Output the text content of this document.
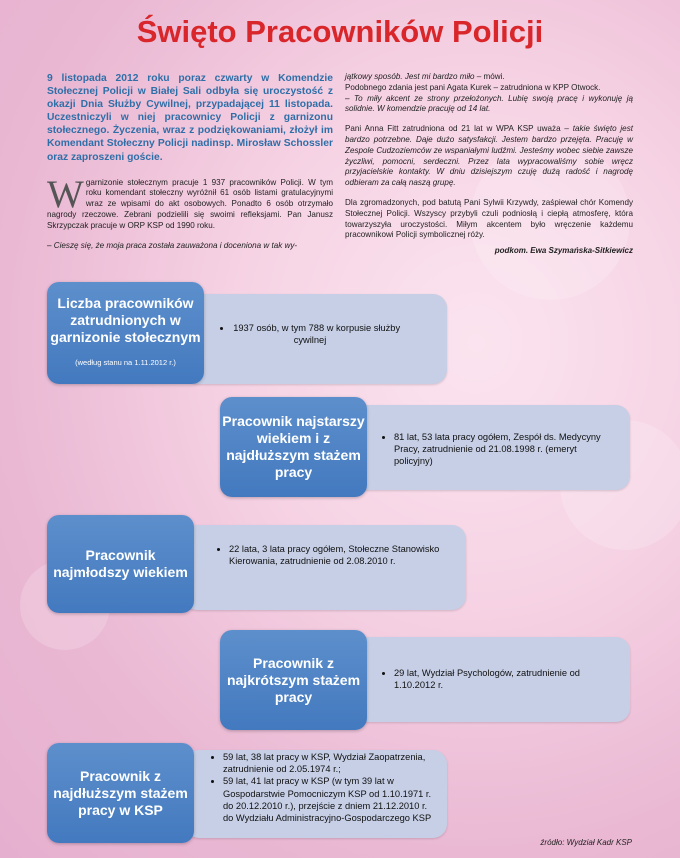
Święto Pracowników Policji

9 listopada 2012 roku poraz czwarty w Komendzie Stołecznej Policji w Białej Sali odbyła się uroczystość z okazji Dnia Służby Cywilnej, przypadającej 11 listopada. Uczestniczyli w niej pracownicy Policji z garnizonu stołecznego. Życzenia, wraz z podziękowaniami, złożył im Komendant Stołeczny Policji nadinsp. Mirosław Schossler oraz zaproszeni goście.

W garnizonie stołecznym pracuje 1 937 pracowników Policji. W tym roku komendant stołeczny wyróżnił 61 osób listami gratulacyjnymi wraz ze wpisami do akt osobowych. Ponadto 6 osób otrzymało nagrody rzeczowe. Zebrani podzielili się swoimi refleksjami. Pan Janusz Skrzypczak pracuje w ORP KSP od 1990 roku.

– Cieszę się, że moja praca została zauważona i doceniona w tak wy-

jątkowy sposób. Jest mi bardzo miło – mówi.

Podobnego zdania jest pani Agata Kurek – zatrudniona w KPP Otwock.

– To miły akcent ze strony przełożonych. Lubię swoją pracę i wykonuję ją solidnie. W komendzie pracuję od 14 lat.

Pani Anna Fitt zatrudniona od 21 lat w WPA KSP uważa – takie święto jest bardzo potrzebne. Daje dużo satysfakcji. Jestem bardzo przejęta. Pracuję w Zespole Cudzoziemców ze wspaniałymi ludźmi. Jesteśmy wobec siebie zawsze życzliwi, pomocni, serdeczni. Przez lata wypracowaliśmy sobie wręcz przyjacielskie kontakty. W dniu dzisiejszym czuję dużą radość i nagrodę odbieram za całą naszą grupę.

Dla zgromadzonych, pod batutą Pani Sylwii Krzywdy, zaśpiewał chór Komendy Stołecznej Policji. Wszyscy przybyli czuli podniosłą i ciepłą atmosferę, która towarzyszyła uroczystości. Miłym akcentem było wręczenie każdemu pracownikowi Policji symbolicznej róży.

podkom. Ewa Szymańska-Sitkiewicz
• 1937 osób, w tym 788 w korpusie służby cywilnej
Liczba pracowników zatrudnionych w garnizonie stołecznym
(według stanu na 1.11.2012 r.)
• 81 lat, 53 lata pracy ogółem, Zespół ds. Medycyny Pracy, zatrudnienie od 21.08.1998 r. (emeryt policyjny)
Pracownik najstarszy wiekiem i z najdłuższym stażem pracy
• 22 lata, 3 lata pracy ogółem, Stołeczne Stanowisko Kierowania, zatrudnienie od 2.08.2010 r.
Pracownik najmłodszy wiekiem
• 29 lat, Wydział Psychologów, zatrudnienie od 1.10.2012 r.
Pracownik z najkrótszym stażem pracy
• 59 lat, 38 lat pracy w KSP, Wydział Zaopatrzenia, zatrudnienie od 2.05.1974 r.;
• 59 lat, 41 lat pracy w KSP (w tym 39 lat w Gospodarstwie Pomocniczym KSP od 1.10.1971 r. do 20.12.2010 r.), przejście z dniem 21.12.2010 r. do Wydziału Administracyjno-Gospodarczego KSP
Pracownik z najdłuższym stażem pracy w KSP
źródło: Wydział Kadr KSP
